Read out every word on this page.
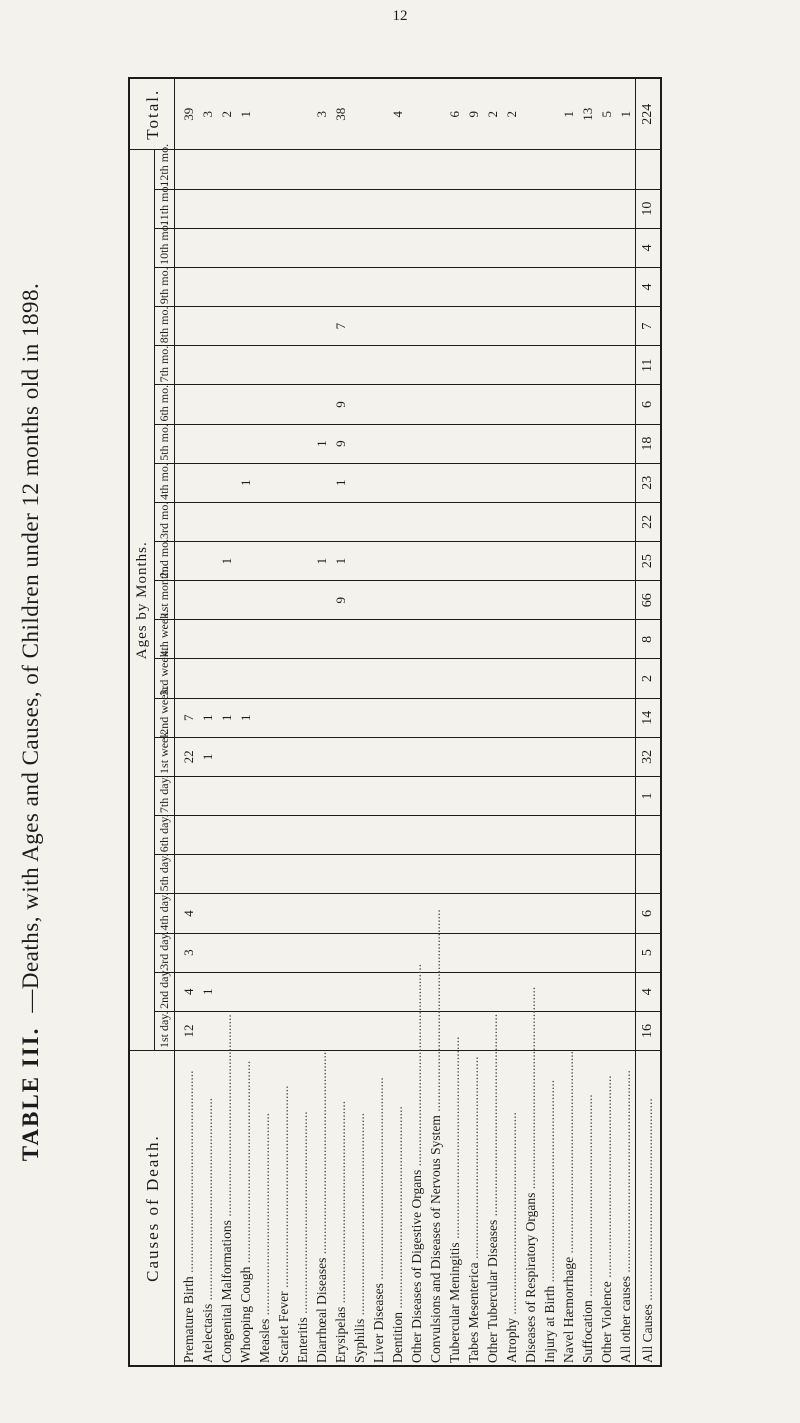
12
TABLE III.—Deaths, with Ages and Causes, of Children under 12 months old in 1898.
Causes of Death.	Ages by Months.																							Total.
	1st day.	2nd day.	3rd day.	4th day.	5th day.	6th day.	7th day.	1st week.	2nd week.	3rd week.	4th week.	1st month.	2nd mo.	3rd mo.	4th mo.	5th mo.	6th mo.	7th mo.	8th mo.	9th mo.	10th mo.	11th mo.	12th mo.	
Premature Birth ............................................................	12	4	3	4				22	7															39
Atelectasis ............................................................		1						1	1															3
Congenital Malformations ............................................................									1				1											2
Whooping Cough ............................................................									1						1									1
Measles ............................................................																								
Scarlet Fever ............................................................																								
Enteritis ............................................................																								
Diarrhœal Diseases ............................................................													1			1								3
Erysipelas ............................................................												9	1		1	9	9		7					38
Syphilis ............................................................																								
Liver Diseases ............................................................																								
Dentition ............................................................																								4
Other Diseases of Digestive Organs ............................................................																								
Convulsions and Diseases of Nervous System ............................................................																								
Tubercular Meningitis ............................................................																								6
Tabes Mesenterica ............................................................																								9
Other Tubercular Diseases ............................................................																								2
Atrophy ............................................................																								2
Diseases of Respiratory Organs ............................................................																								
Injury at Birth ............................................................																								
Navel Hæmorrhage ............................................................																								1
Suffocation ............................................................																								13
Other Violence ............................................................																								5
All other causes ............................................................																								1
All Causes ............................................................	16	4	5	6			1	32	14	2	8	66	25	22	23	18	6	11	7	4	4	10		224
